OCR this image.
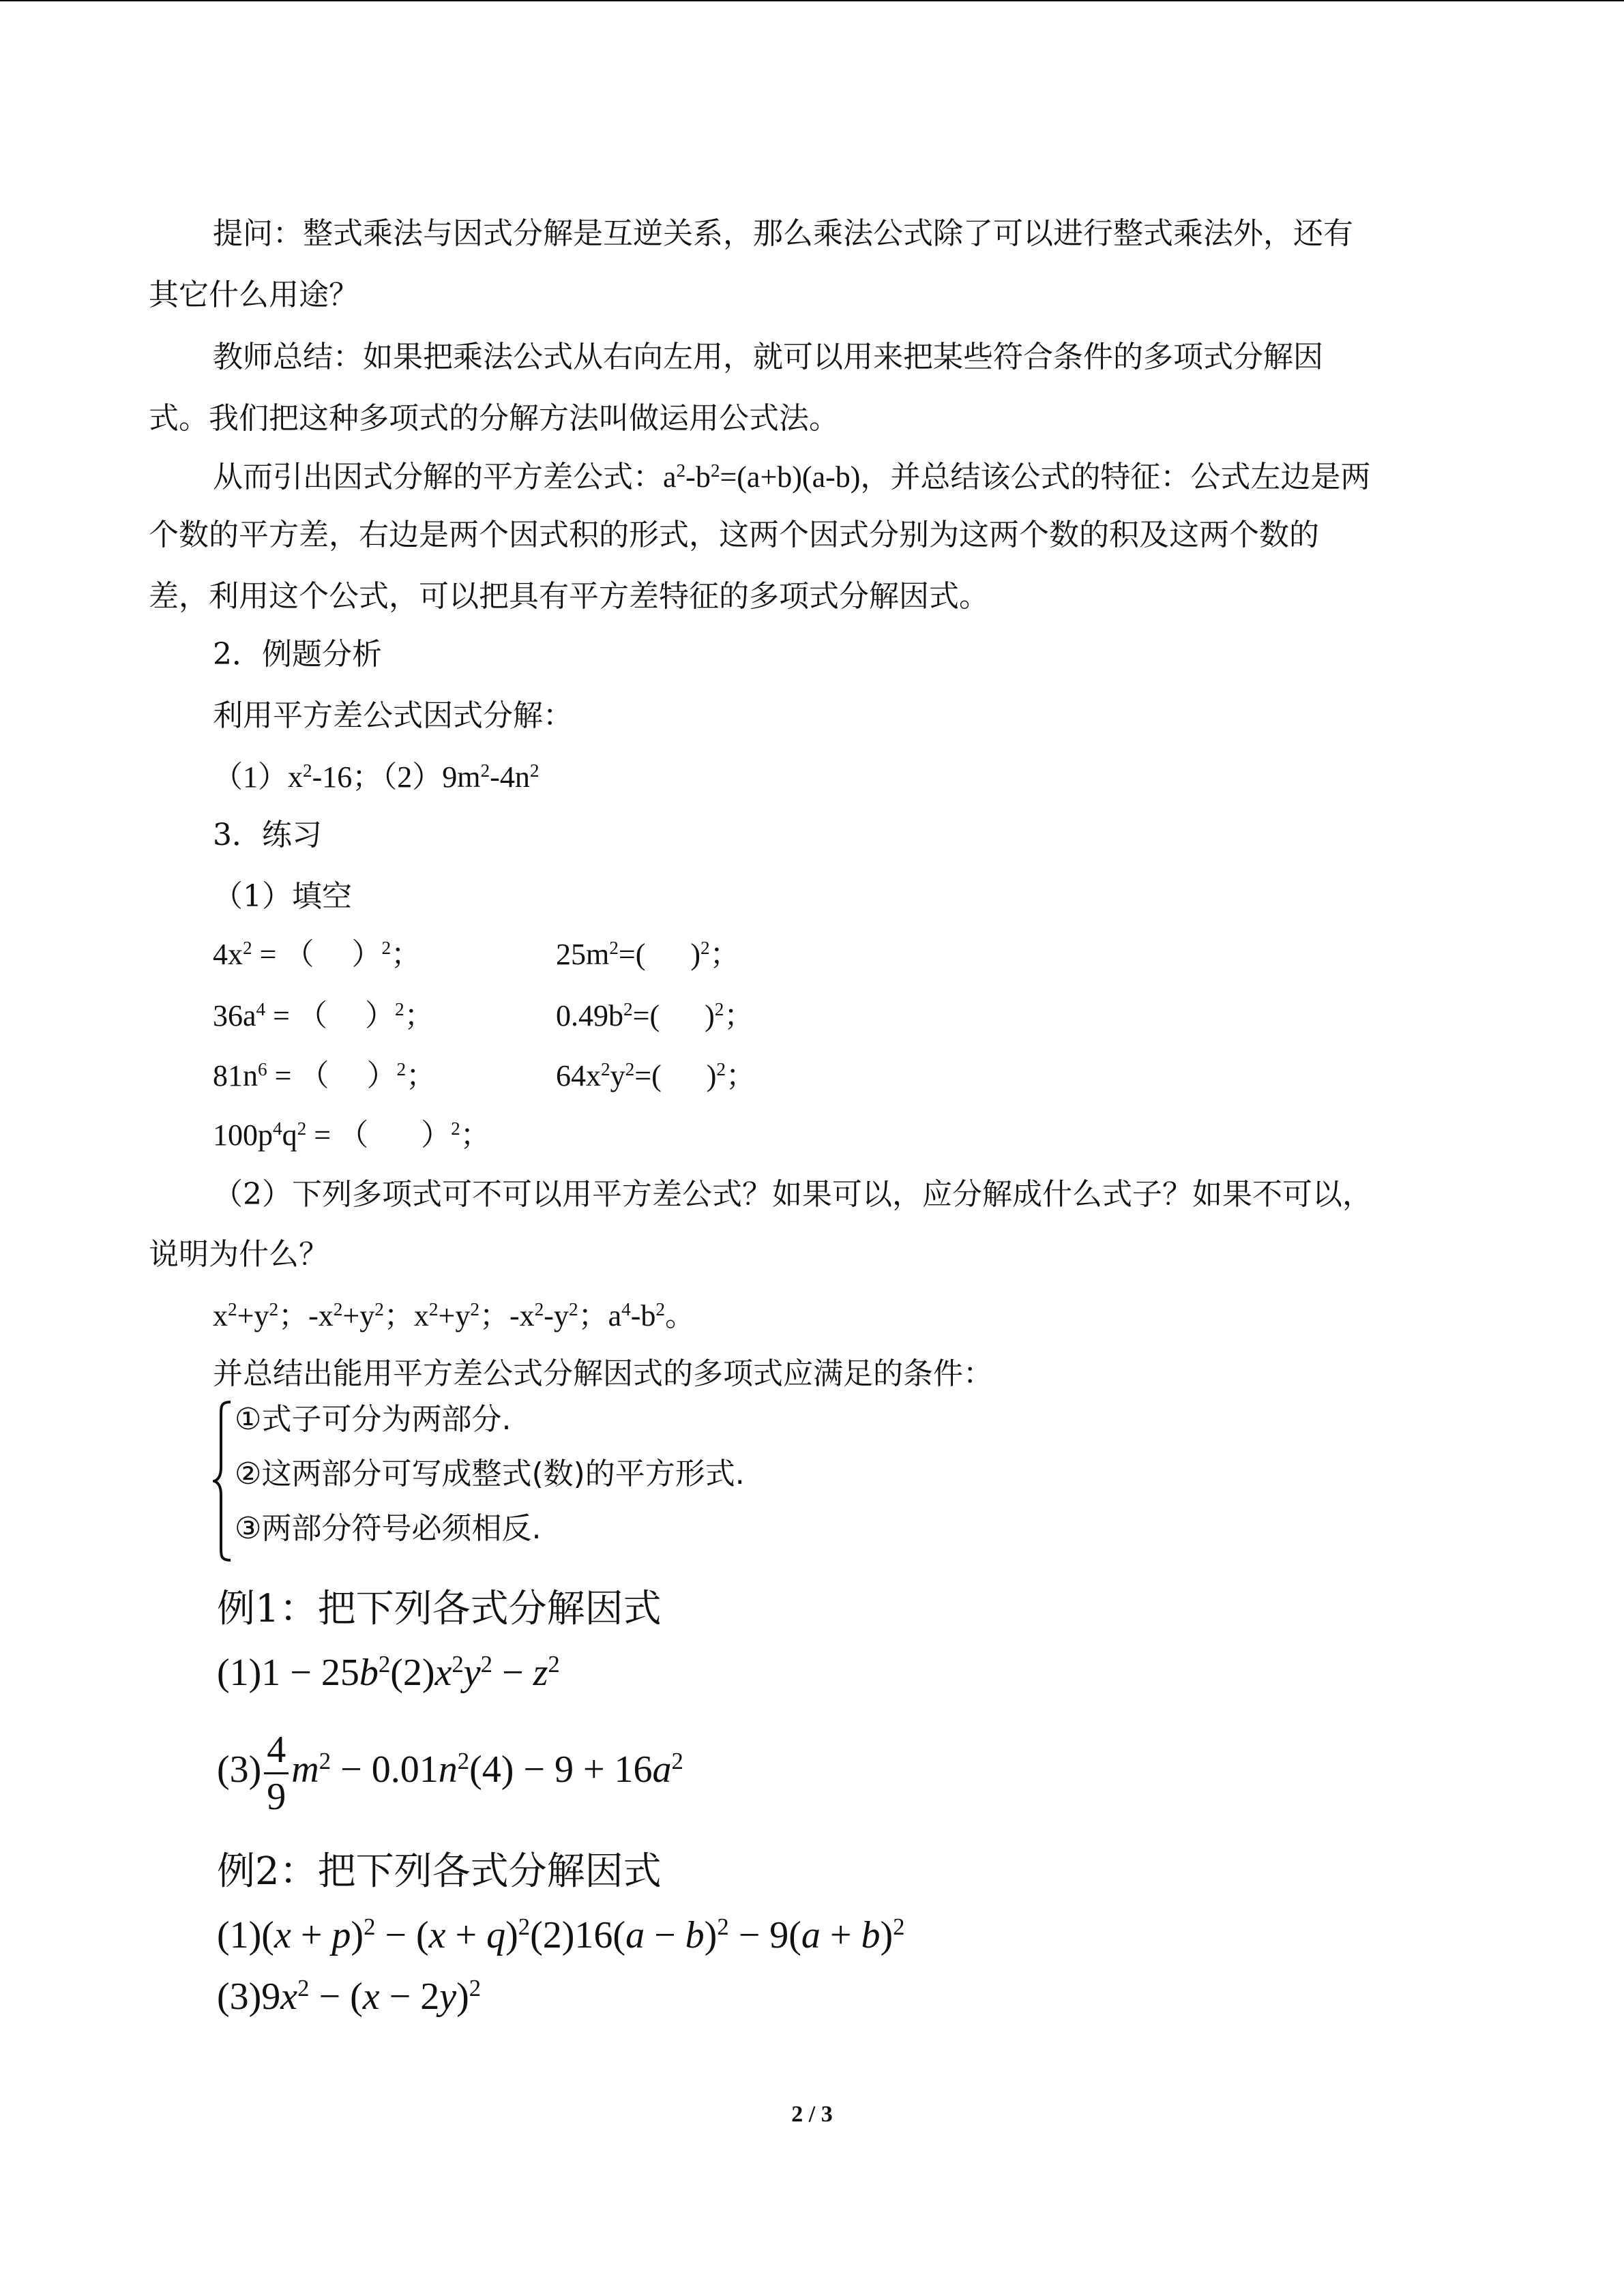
提问：整式乘法与因式分解是互逆关系，那么乘法公式除了可以进行整式乘法外，还有
其它什么用途？
教师总结：如果把乘法公式从右向左用，就可以用来把某些符合条件的多项式分解因
式。我们把这种多项式的分解方法叫做运用公式法。
从而引出因式分解的平方差公式：$a^2-b^2=(a+b)(a-b)$，并总结该公式的特征：公式左边是两
个数的平方差，右边是两个因式积的形式，这两个因式分别为这两个数的积及这两个数的
差，利用这个公式，可以把具有平方差特征的多项式分解因式。
2．例题分析
利用平方差公式因式分解：
$(1)x^2-16$；$(2)9m^2-4n^2$
3．练习
（1）填空
$4x^2$ = （     ）$^2$；	$25m^2=$(      )$^2$；
$36a^4$ = （     ）$^2$；	$0.49b^2=$(      )$^2$；
$81n^6$ = （     ）$^2$；	$64x^2y^2=$(      )$^2$；
$100p^4q^2$ = （       ）$^2$；
（2）下列多项式可不可以用平方差公式？如果可以，应分解成什么式子？如果不可以，
说明为什么？
$x^2+y^2$；$-x^2+y^2$；$x^2+y^2$；$-x^2-y^2$；$a^4-b^2$。
并总结出能用平方差公式分解因式的多项式应满足的条件：
①式子可分为两部分.
②这两部分可写成整式(数)的平方形式.
③两部分符号必须相反.
例1：把下列各式分解因式
$(1)1 - 25b^2(2)x^2y^2 - z^2$
$(3) \frac{4}{9} m^2 - 0.01n^2(4) - 9 + 16a^2$
例2：把下列各式分解因式
$(1)(x + p)^2 - (x + q)^2(2)16(a - b)^2 - 9(a + b)^2$
$(3)9x^2 - (x - 2y)^2$
2 / 3
